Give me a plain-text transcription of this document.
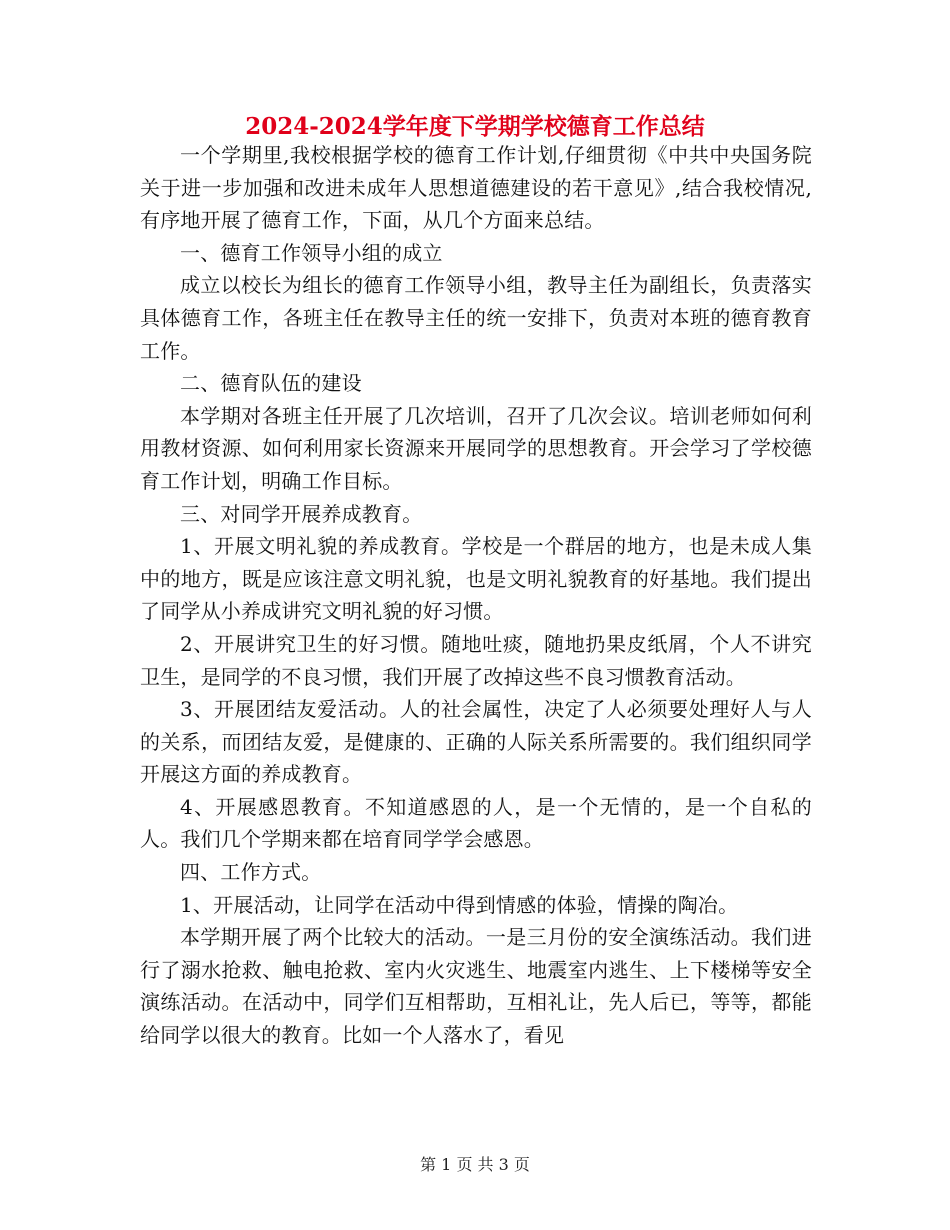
2024-2024学年度下学期学校德育工作总结

一个学期里,我校根据学校的德育工作计划,仔细贯彻《中共中央国务院关于进一步加强和改进未成年人思想道德建设的若干意见》,结合我校情况,有序地开展了德育工作，下面，从几个方面来总结。

一、德育工作领导小组的成立

成立以校长为组长的德育工作领导小组，教导主任为副组长，负责落实具体德育工作，各班主任在教导主任的统一安排下，负责对本班的德育教育工作。

二、德育队伍的建设

本学期对各班主任开展了几次培训，召开了几次会议。培训老师如何利用教材资源、如何利用家长资源来开展同学的思想教育。开会学习了学校德育工作计划，明确工作目标。

三、对同学开展养成教育。

1、开展文明礼貌的养成教育。学校是一个群居的地方，也是未成人集中的地方，既是应该注意文明礼貌，也是文明礼貌教育的好基地。我们提出了同学从小养成讲究文明礼貌的好习惯。

2、开展讲究卫生的好习惯。随地吐痰，随地扔果皮纸屑，个人不讲究卫生，是同学的不良习惯，我们开展了改掉这些不良习惯教育活动。

3、开展团结友爱活动。人的社会属性，决定了人必须要处理好人与人的关系，而团结友爱，是健康的、正确的人际关系所需要的。我们组织同学开展这方面的养成教育。

4、开展感恩教育。不知道感恩的人，是一个无情的，是一个自私的人。我们几个学期来都在培育同学学会感恩。

四、工作方式。

1、开展活动，让同学在活动中得到情感的体验，情操的陶冶。

本学期开展了两个比较大的活动。一是三月份的安全演练活动。我们进行了溺水抢救、触电抢救、室内火灾逃生、地震室内逃生、上下楼梯等安全演练活动。在活动中，同学们互相帮助，互相礼让，先人后已，等等，都能给同学以很大的教育。比如一个人落水了，看见

第 1 页 共 3 页
